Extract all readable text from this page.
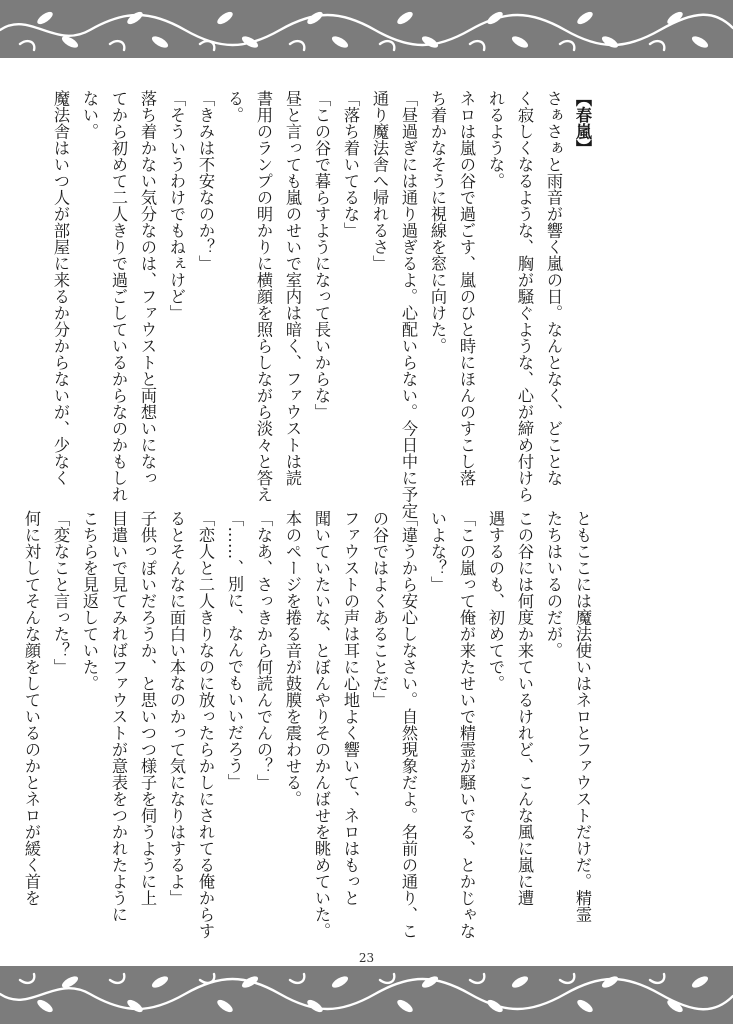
【春嵐】
さぁさぁと雨音が響く嵐の日。なんとなく、どことな
く寂しくなるような、胸が騒ぐような、心が締め付けら
れるような。
ネロは嵐の谷で過ごす、嵐のひと時にほんのすこし落
ち着かなそうに視線を窓に向けた。
「昼過ぎには通り過ぎるよ。心配いらない。今日中に予定
通り魔法舎へ帰れるさ」
「落ち着いてるな」
「この谷で暮らすようになって長いからな」
昼と言っても嵐のせいで室内は暗く、ファウストは読
書用のランプの明かりに横顔を照らしながら淡々と答え
る。
「きみは不安なのか？」
「そういうわけでもねぇけど」
落ち着かない気分なのは、ファウストと両想いになっ
てから初めて二人きりで過ごしているからなのかもしれ
ない。
魔法舎はいつ人が部屋に来るか分からないが、少なく
ともここには魔法使いはネロとファウストだけだ。精霊
たちはいるのだが。
この谷には何度か来ているけれど、こんな風に嵐に遭
遇するのも、初めてで。
「この嵐って俺が来たせいで精霊が騒いでる、とかじゃな
いよな？」
「違うから安心しなさい。自然現象だよ。名前の通り、こ
の谷ではよくあることだ」
ファウストの声は耳に心地よく響いて、ネロはもっと
聞いていたいな、とぼんやりそのかんばせを眺めていた。
本のページを捲る音が鼓膜を震わせる。
「なあ、さっきから何読んでんの？」
「……、別に、なんでもいいだろう」
「恋人と二人きりなのに放ったらかしにされてる俺からす
るとそんなに面白い本なのかって気になりはするよ」
子供っぽいだろうか、と思いつつ様子を伺うように上
目遣いで見てみればファウストが意表をつかれたように
こちらを見返していた。
「変なこと言った？」
何に対してそんな顔をしているのかとネロが緩く首を
23
